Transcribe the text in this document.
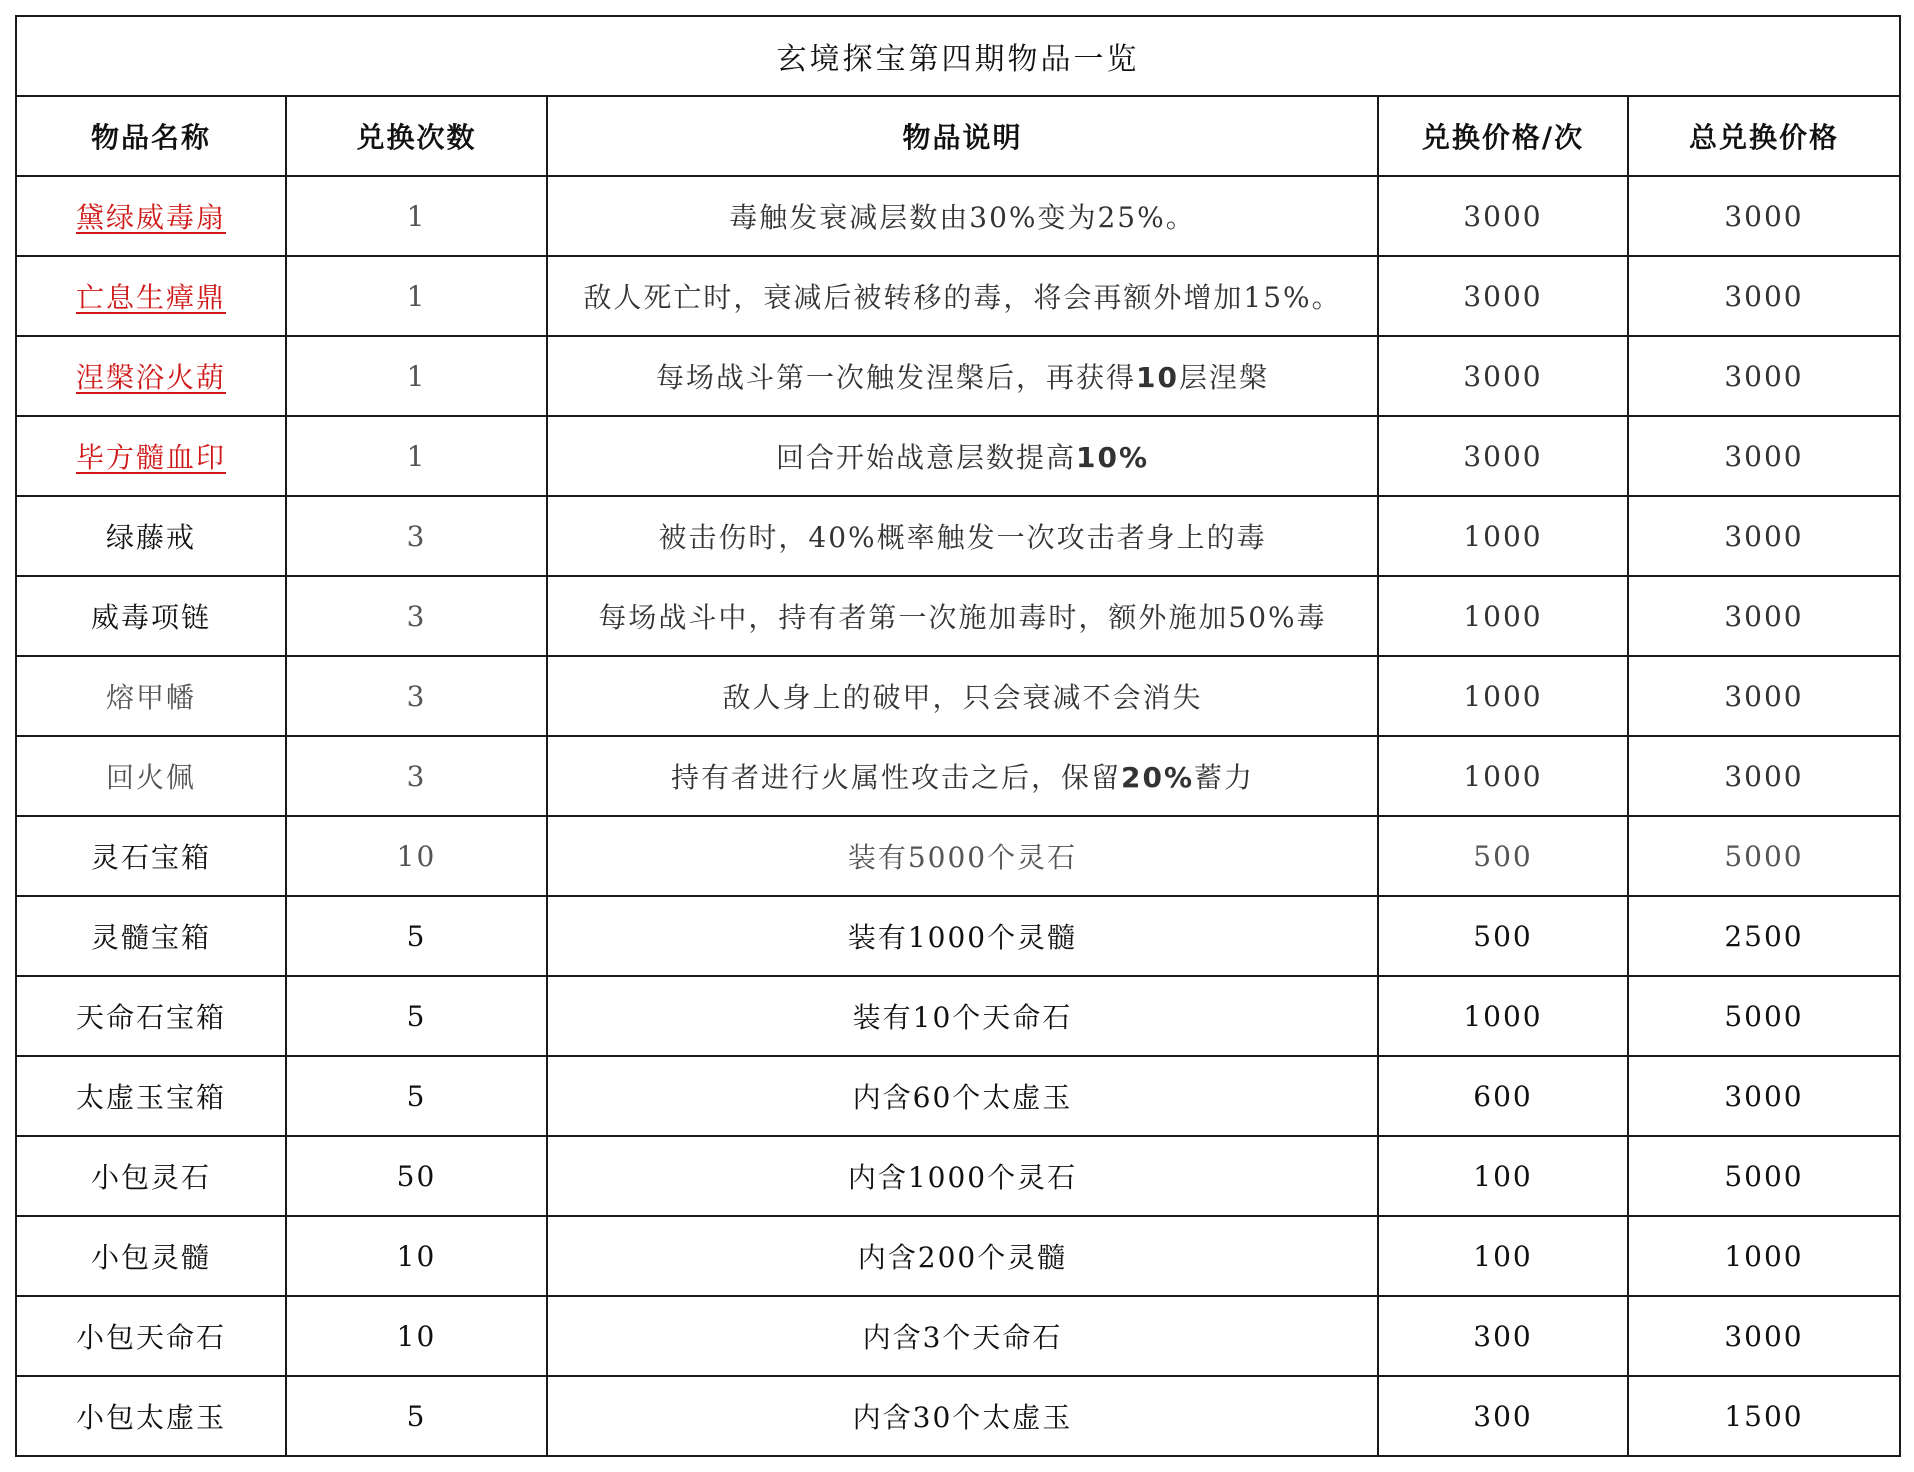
玄境探宝第四期物品一览				
物品名称	兑换次数	物品说明	兑换价格/次	总兑换价格
黛绿威毒扇	1	毒触发衰减层数由30%变为25%。	3000	3000
亡息生瘴鼎	1	敌人死亡时，衰减后被转移的毒，将会再额外增加15%。	3000	3000
涅槃浴火葫	1	每场战斗第一次触发涅槃后，再获得10层涅槃	3000	3000
毕方髓血印	1	回合开始战意层数提高10%	3000	3000
绿藤戒	3	被击伤时，40%概率触发一次攻击者身上的毒	1000	3000
威毒项链	3	每场战斗中，持有者第一次施加毒时，额外施加50%毒	1000	3000
熔甲幡	3	敌人身上的破甲，只会衰减不会消失	1000	3000
回火佩	3	持有者进行火属性攻击之后，保留20%蓄力	1000	3000
灵石宝箱	10	装有5000个灵石	500	5000
灵髓宝箱	5	装有1000个灵髓	500	2500
天命石宝箱	5	装有10个天命石	1000	5000
太虚玉宝箱	5	内含60个太虚玉	600	3000
小包灵石	50	内含1000个灵石	100	5000
小包灵髓	10	内含200个灵髓	100	1000
小包天命石	10	内含3个天命石	300	3000
小包太虚玉	5	内含30个太虚玉	300	1500
